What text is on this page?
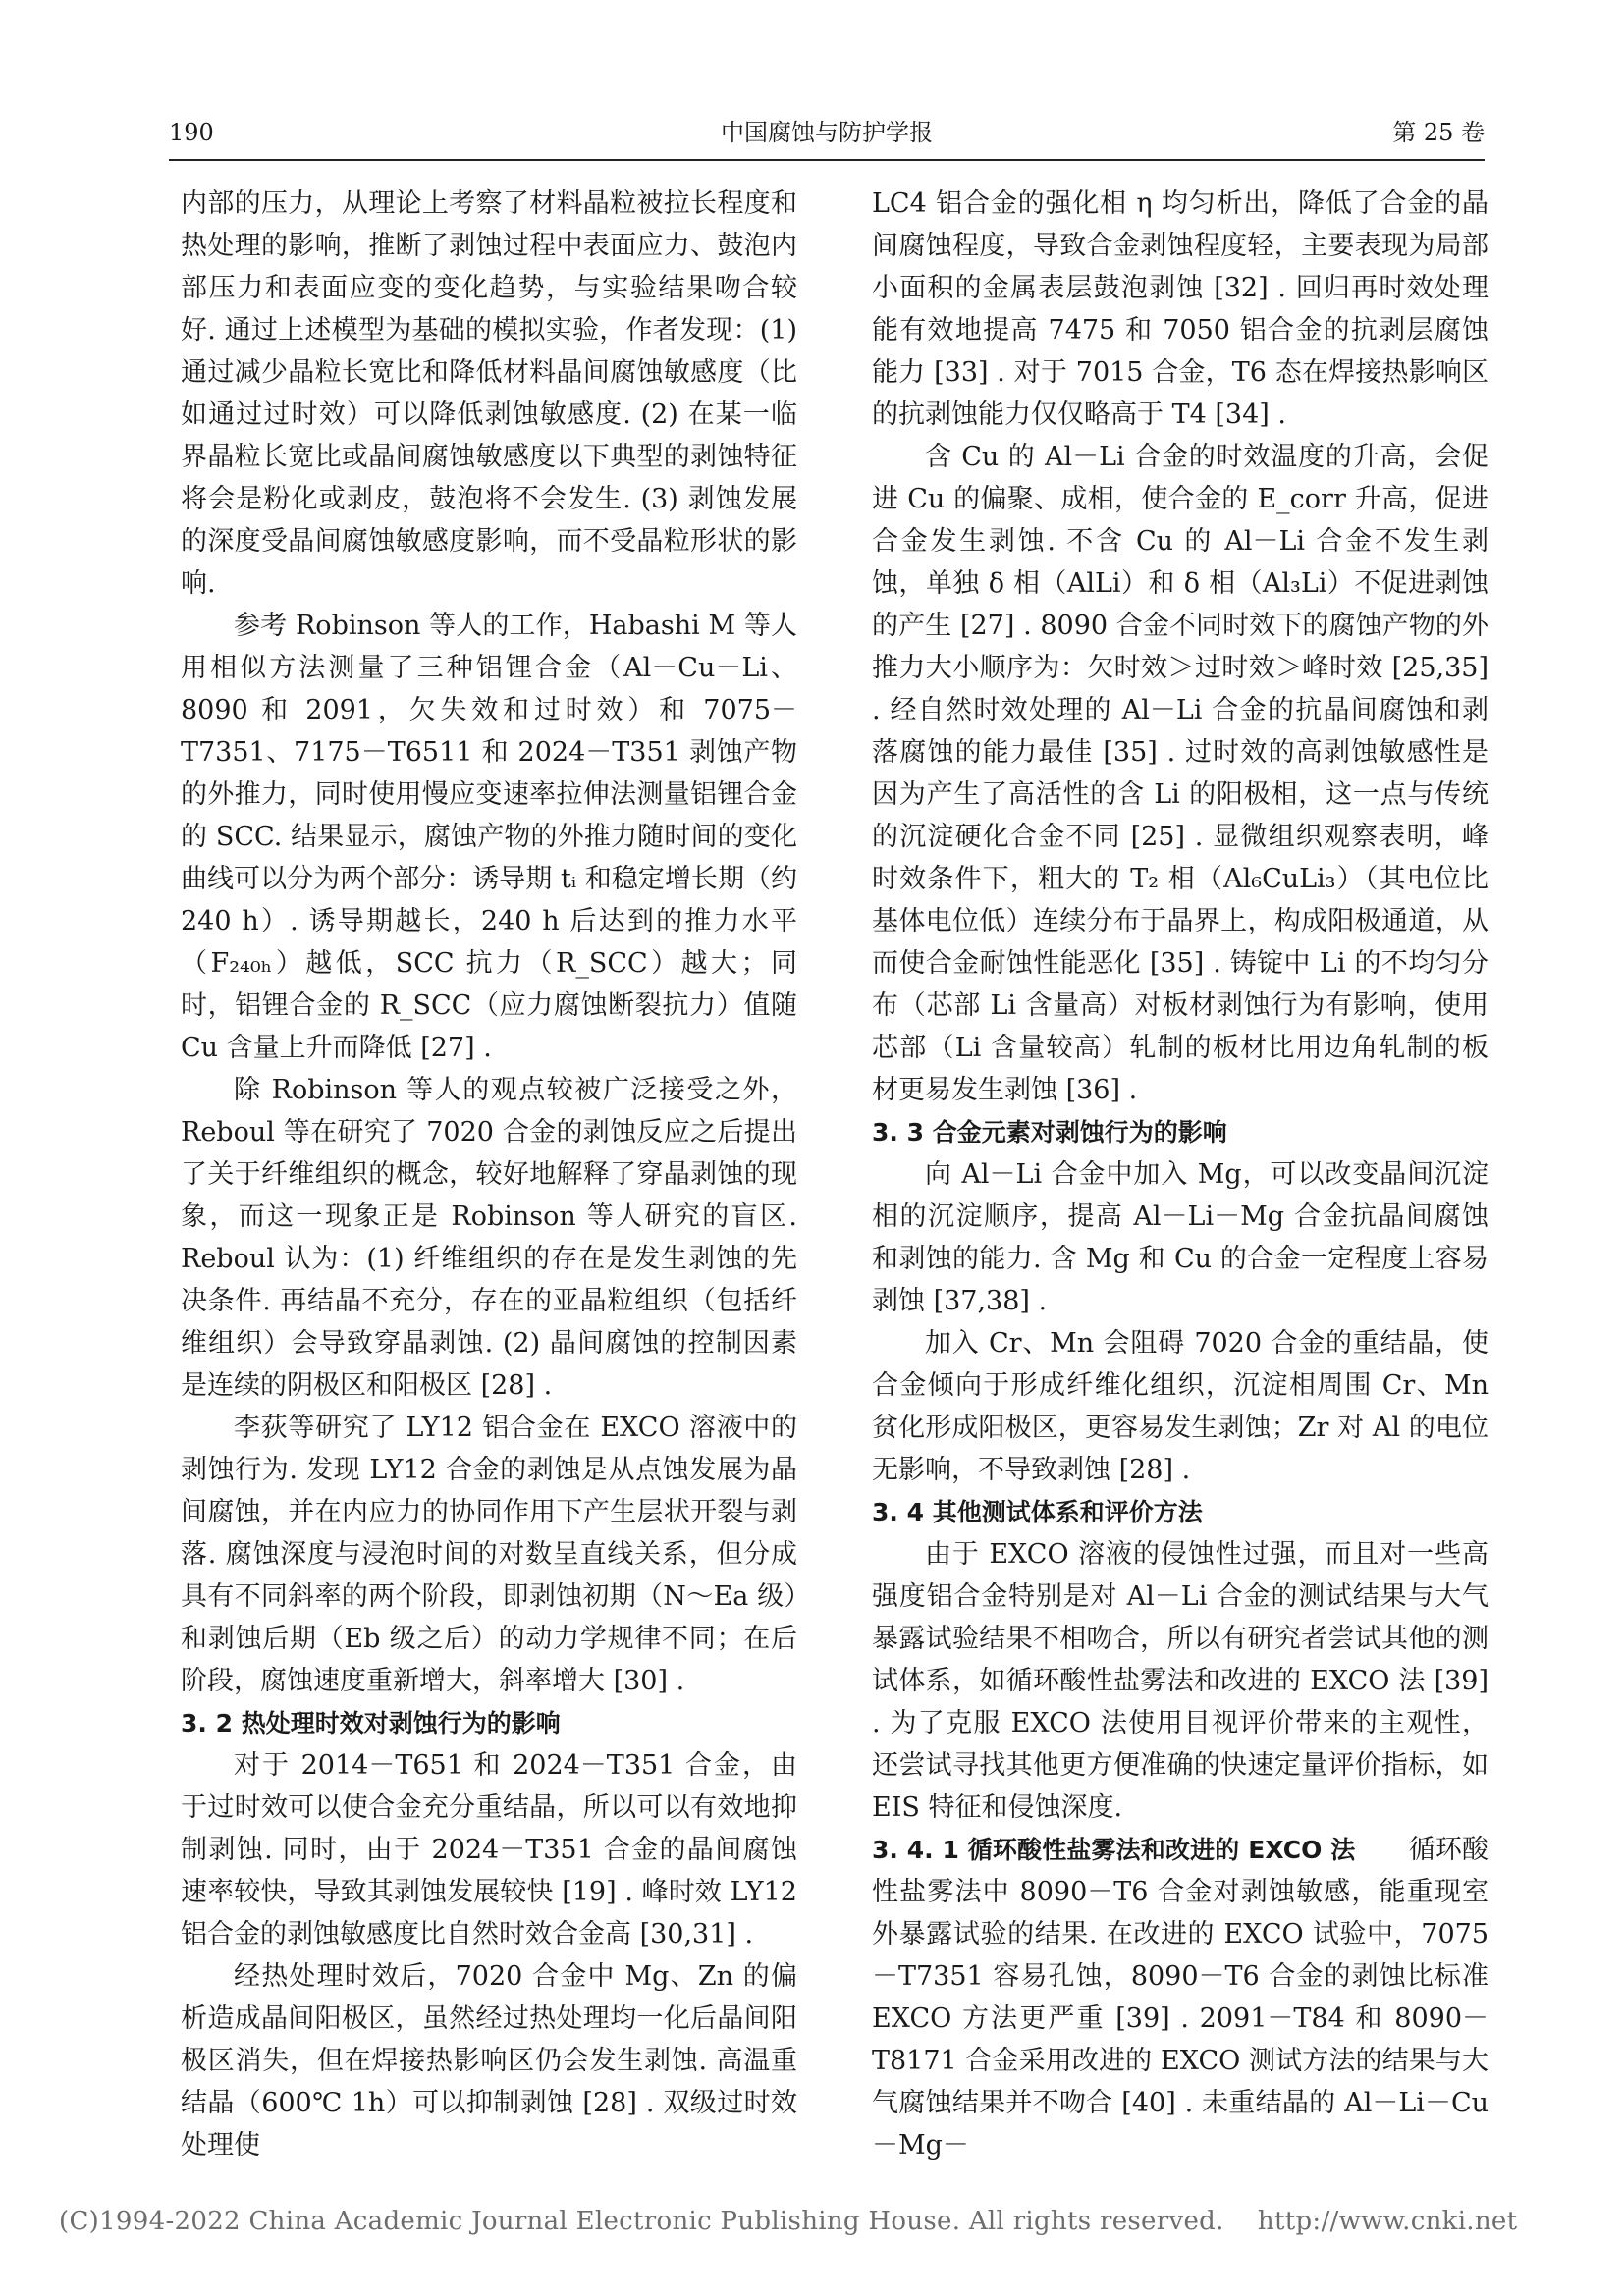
190	中国腐蚀与防护学报	第 25 卷

内部的压力，从理论上考察了材料晶粒被拉长程度和热处理的影响，推断了剥蚀过程中表面应力、鼓泡内部压力和表面应变的变化趋势，与实验结果吻合较好. 通过上述模型为基础的模拟实验，作者发现：(1) 通过减少晶粒长宽比和降低材料晶间腐蚀敏感度（比如通过过时效）可以降低剥蚀敏感度. (2) 在某一临界晶粒长宽比或晶间腐蚀敏感度以下典型的剥蚀特征将会是粉化或剥皮，鼓泡将不会发生. (3) 剥蚀发展的深度受晶间腐蚀敏感度影响，而不受晶粒形状的影响.

参考 Robinson 等人的工作，Habashi M 等人用相似方法测量了三种铝锂合金（Al－Cu－Li、8090 和 2091，欠失效和过时效）和 7075－T7351、7175－T6511 和 2024－T351 剥蚀产物的外推力，同时使用慢应变速率拉伸法测量铝锂合金的 SCC. 结果显示，腐蚀产物的外推力随时间的变化曲线可以分为两个部分：诱导期 tᵢ 和稳定增长期（约 240 h）. 诱导期越长，240 h 后达到的推力水平（F₂₄₀ₕ）越低，SCC 抗力（R_SCC）越大；同时，铝锂合金的 R_SCC（应力腐蚀断裂抗力）值随 Cu 含量上升而降低 [27] .

除 Robinson 等人的观点较被广泛接受之外，Reboul 等在研究了 7020 合金的剥蚀反应之后提出了关于纤维组织的概念，较好地解释了穿晶剥蚀的现象，而这一现象正是 Robinson 等人研究的盲区. Reboul 认为：(1) 纤维组织的存在是发生剥蚀的先决条件. 再结晶不充分，存在的亚晶粒组织（包括纤维组织）会导致穿晶剥蚀. (2) 晶间腐蚀的控制因素是连续的阴极区和阳极区 [28] .

李荻等研究了 LY12 铝合金在 EXCO 溶液中的剥蚀行为. 发现 LY12 合金的剥蚀是从点蚀发展为晶间腐蚀，并在内应力的协同作用下产生层状开裂与剥落. 腐蚀深度与浸泡时间的对数呈直线关系，但分成具有不同斜率的两个阶段，即剥蚀初期（N～Ea 级）和剥蚀后期（Eb 级之后）的动力学规律不同；在后阶段，腐蚀速度重新增大，斜率增大 [30] .

3. 2 热处理时效对剥蚀行为的影响

对于 2014－T651 和 2024－T351 合金，由于过时效可以使合金充分重结晶，所以可以有效地抑制剥蚀. 同时，由于 2024－T351 合金的晶间腐蚀速率较快，导致其剥蚀发展较快 [19] . 峰时效 LY12 铝合金的剥蚀敏感度比自然时效合金高 [30,31] .

经热处理时效后，7020 合金中 Mg、Zn 的偏析造成晶间阳极区，虽然经过热处理均一化后晶间阳极区消失，但在焊接热影响区仍会发生剥蚀. 高温重结晶（600℃ 1h）可以抑制剥蚀 [28] . 双级过时效处理使

LC4 铝合金的强化相 η 均匀析出，降低了合金的晶间腐蚀程度，导致合金剥蚀程度轻，主要表现为局部小面积的金属表层鼓泡剥蚀 [32] . 回归再时效处理能有效地提高 7475 和 7050 铝合金的抗剥层腐蚀能力 [33] . 对于 7015 合金，T6 态在焊接热影响区的抗剥蚀能力仅仅略高于 T4 [34] .

含 Cu 的 Al－Li 合金的时效温度的升高，会促进 Cu 的偏聚、成相，使合金的 E_corr 升高，促进合金发生剥蚀. 不含 Cu 的 Al－Li 合金不发生剥蚀，单独 δ 相（AlLi）和 δ 相（Al₃Li）不促进剥蚀的产生 [27] . 8090 合金不同时效下的腐蚀产物的外推力大小顺序为：欠时效＞过时效＞峰时效 [25,35] . 经自然时效处理的 Al－Li 合金的抗晶间腐蚀和剥落腐蚀的能力最佳 [35] . 过时效的高剥蚀敏感性是因为产生了高活性的含 Li 的阳极相，这一点与传统的沉淀硬化合金不同 [25] . 显微组织观察表明，峰时效条件下，粗大的 T₂ 相（Al₆CuLi₃）（其电位比基体电位低）连续分布于晶界上，构成阳极通道，从而使合金耐蚀性能恶化 [35] . 铸锭中 Li 的不均匀分布（芯部 Li 含量高）对板材剥蚀行为有影响，使用芯部（Li 含量较高）轧制的板材比用边角轧制的板材更易发生剥蚀 [36] .

3. 3 合金元素对剥蚀行为的影响

向 Al－Li 合金中加入 Mg，可以改变晶间沉淀相的沉淀顺序，提高 Al－Li－Mg 合金抗晶间腐蚀和剥蚀的能力. 含 Mg 和 Cu 的合金一定程度上容易剥蚀 [37,38] .

加入 Cr、Mn 会阻碍 7020 合金的重结晶，使合金倾向于形成纤维化组织，沉淀相周围 Cr、Mn 贫化形成阳极区，更容易发生剥蚀；Zr 对 Al 的电位无影响，不导致剥蚀 [28] .

3. 4 其他测试体系和评价方法

由于 EXCO 溶液的侵蚀性过强，而且对一些高强度铝合金特别是对 Al－Li 合金的测试结果与大气暴露试验结果不相吻合，所以有研究者尝试其他的测试体系，如循环酸性盐雾法和改进的 EXCO 法 [39] . 为了克服 EXCO 法使用目视评价带来的主观性，还尝试寻找其他更方便准确的快速定量评价指标，如 EIS 特征和侵蚀深度.

3. 4. 1 循环酸性盐雾法和改进的 EXCO 法　　 循环酸性盐雾法中 8090－T6 合金对剥蚀敏感，能重现室外暴露试验的结果. 在改进的 EXCO 试验中，7075－T7351 容易孔蚀，8090－T6 合金的剥蚀比标准 EXCO 方法更严重 [39] . 2091－T84 和 8090－T8171 合金采用改进的 EXCO 测试方法的结果与大气腐蚀结果并不吻合 [40] . 未重结晶的 Al－Li－Cu－Mg－

(C)1994-2022 China Academic Journal Electronic Publishing House. All rights reserved. http://www.cnki.net
